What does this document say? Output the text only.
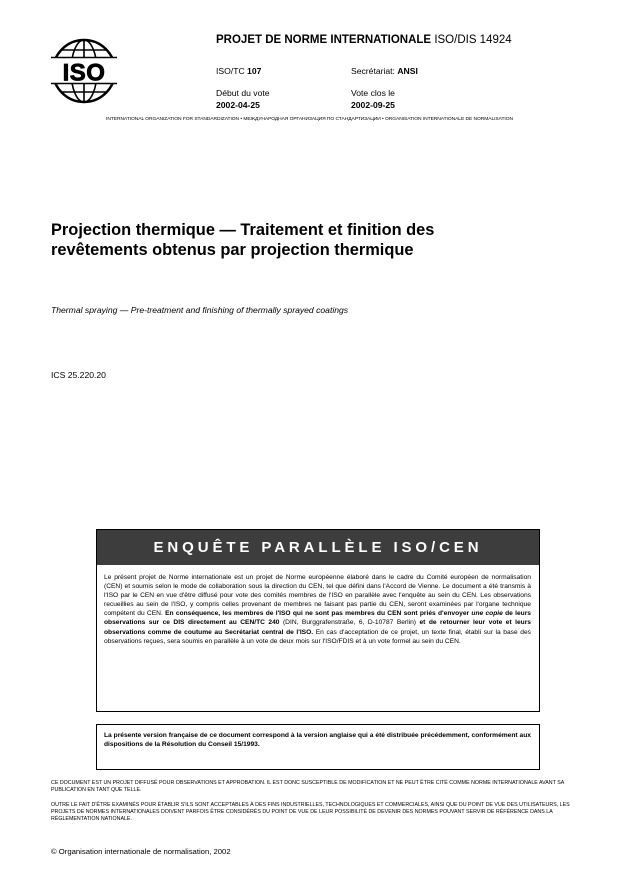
ISO
PROJET DE NORME INTERNATIONALE ISO/DIS 14924
ISO/TC 107	Secrétariat: ANSI
Début du vote
2002-04-25
Vote clos le
2002-09-25
INTERNATIONAL ORGANIZATION FOR STANDARDIZATION • МЕЖДУНАРОДНАЯ ОРГАНИЗАЦИЯ ПО СТАНДАРТИЗАЦИИ • ORGANISATION INTERNATIONALE DE NORMALISATION
Projection thermique — Traitement et finition des
revêtements obtenus par projection thermique
Thermal spraying — Pre-treatment and finishing of thermally sprayed coatings
ICS 25.220.20
ENQUÊTE PARALLÈLE ISO/CEN
Le présent projet de Norme internationale est un projet de Norme européenne élaboré dans le cadre du Comité européen de normalisation (CEN) et soumis selon le mode de collaboration sous la direction du CEN, tel que défini dans l'Accord de Vienne. Le document a été transmis à l'ISO par le CEN en vue d'être diffusé pour vote des comités membres de l'ISO en parallèle avec l'enquête au sein du CEN. Les observations recueillies au sein de l'ISO, y compris celles provenant de membres ne faisant pas partie du CEN, seront examinées par l'organe technique compétent du CEN. En conséquence, les membres de l'ISO qui ne sont pas membres du CEN sont priés d'envoyer une copie de leurs observations sur ce DIS directement au CEN/TC 240 (DIN, Burggrafenstraße, 6, D-10787 Berlin) et de retourner leur vote et leurs observations comme de coutume au Secrétariat central de l'ISO. En cas d'acceptation de ce projet, un texte final, établi sur la base des observations reçues, sera soumis en parallèle à un vote de deux mois sur l'ISO/FDIS et à un vote formel au sein du CEN.
La présente version française de ce document correspond à la version anglaise qui a été distribuée précédemment, conformément aux dispositions de la Résolution du Conseil 15/1993.
CE DOCUMENT EST UN PROJET DIFFUSÉ POUR OBSERVATIONS ET APPROBATION. IL EST DONC SUSCEPTIBLE DE MODIFICATION ET NE PEUT ÊTRE CITÉ COMME NORME INTERNATIONALE AVANT SA PUBLICATION EN TANT QUE TELLE.
OUTRE LE FAIT D'ÊTRE EXAMINÉS POUR ÉTABLIR S'ILS SONT ACCEPTABLES À DES FINS INDUSTRIELLES, TECHNOLOGIQUES ET COMMERCIALES, AINSI QUE DU POINT DE VUE DES UTILISATEURS, LES PROJETS DE NORMES INTERNATIONALES DOIVENT PARFOIS ÊTRE CONSIDÉRÉS DU POINT DE VUE DE LEUR POSSIBILITÉ DE DEVENIR DES NORMES POUVANT SERVIR DE RÉFÉRENCE DANS LA RÉGLEMENTATION NATIONALE.
© Organisation internationale de normalisation, 2002
